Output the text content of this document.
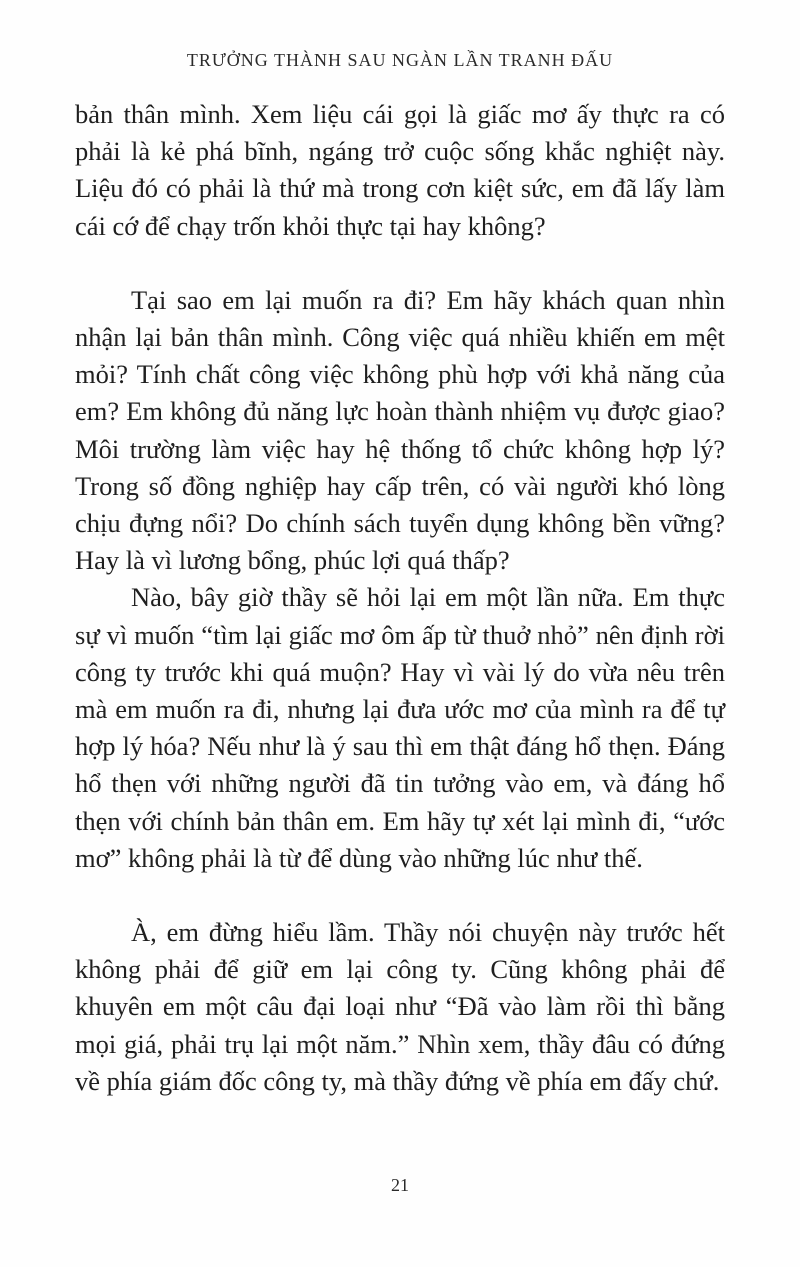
TRƯỞNG THÀNH SAU NGÀN LẦN TRANH ĐẤU

bản thân mình. Xem liệu cái gọi là giấc mơ ấy thực ra có phải là kẻ phá bĩnh, ngáng trở cuộc sống khắc nghiệt này. Liệu đó có phải là thứ mà trong cơn kiệt sức, em đã lấy làm cái cớ để chạy trốn khỏi thực tại hay không?

Tại sao em lại muốn ra đi? Em hãy khách quan nhìn nhận lại bản thân mình. Công việc quá nhiều khiến em mệt mỏi? Tính chất công việc không phù hợp với khả năng của em? Em không đủ năng lực hoàn thành nhiệm vụ được giao? Môi trường làm việc hay hệ thống tổ chức không hợp lý? Trong số đồng nghiệp hay cấp trên, có vài người khó lòng chịu đựng nổi? Do chính sách tuyển dụng không bền vững? Hay là vì lương bổng, phúc lợi quá thấp?

Nào, bây giờ thầy sẽ hỏi lại em một lần nữa. Em thực sự vì muốn “tìm lại giấc mơ ôm ấp từ thuở nhỏ” nên định rời công ty trước khi quá muộn? Hay vì vài lý do vừa nêu trên mà em muốn ra đi, nhưng lại đưa ước mơ của mình ra để tự hợp lý hóa? Nếu như là ý sau thì em thật đáng hổ thẹn. Đáng hổ thẹn với những người đã tin tưởng vào em, và đáng hổ thẹn với chính bản thân em. Em hãy tự xét lại mình đi, “ước mơ” không phải là từ để dùng vào những lúc như thế.

À, em đừng hiểu lầm. Thầy nói chuyện này trước hết không phải để giữ em lại công ty. Cũng không phải để khuyên em một câu đại loại như “Đã vào làm rồi thì bằng mọi giá, phải trụ lại một năm.” Nhìn xem, thầy đâu có đứng về phía giám đốc công ty, mà thầy đứng về phía em đấy chứ.

21
